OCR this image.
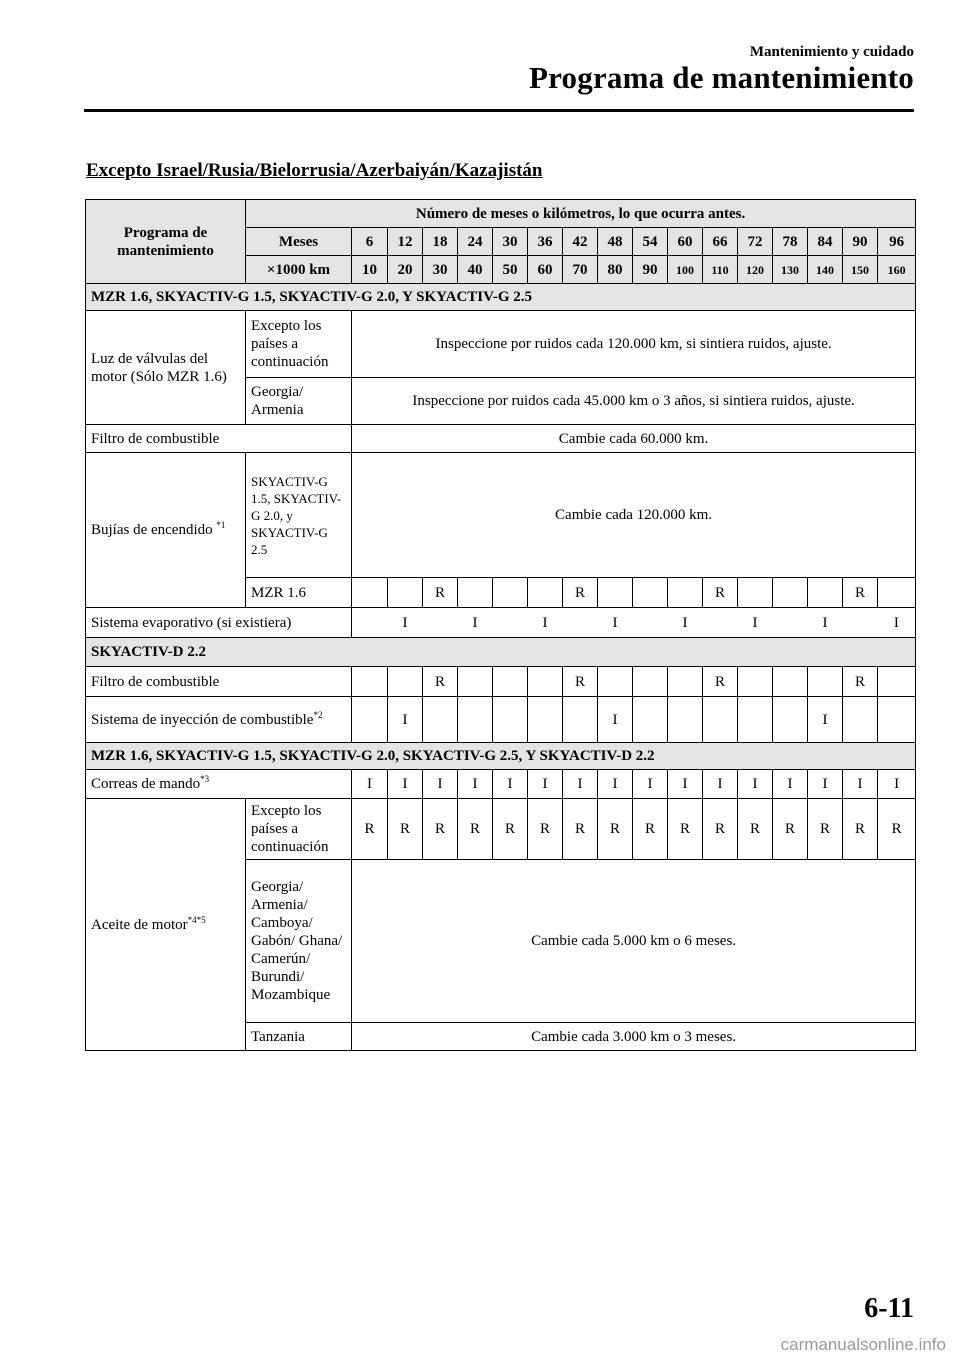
Mantenimiento y cuidado
Programa de mantenimiento
Excepto Israel/Rusia/Bielorrusia/Azerbaiyán/Kazajistán
Programa de mantenimiento	Número de meses o kilómetros, lo que ocurra antes.																
	Meses	6	12	18	24	30	36	42	48	54	60	66	72	78	84	90	96
	×1000 km	10	20	30	40	50	60	70	80	90	100	110	120	130	140	150	160
MZR 1.6, SKYACTIV-G 1.5, SKYACTIV-G 2.0, Y SKYACTIV-G 2.5																	
Luz de válvulas del motor (Sólo MZR 1.6)	Excepto los países a continuación	Inspeccione por ruidos cada 120.000 km, si sintiera ruidos, ajuste.															
	Georgia/ Armenia	Inspeccione por ruidos cada 45.000 km o 3 años, si sintiera ruidos, ajuste.															
Filtro de combustible		Cambie cada 60.000 km.															
Bujías de encendido $^{*1}$	SKYACTIV-G 1.5, SKYACTIV-G 2.0, y SKYACTIV-G 2.5	Cambie cada 120.000 km.															
	MZR 1.6			R				R				R				R	
Sistema evaporativo (si existiera)			I		I		I		I		I		I		I		I
SKYACTIV-D 2.2																	
Filtro de combustible				R				R				R				R	
Sistema de inyección de combustible$^{*2}$			I						I						I		
MZR 1.6, SKYACTIV-G 1.5, SKYACTIV-G 2.0, SKYACTIV-G 2.5, Y SKYACTIV-D 2.2																	
Correas de mando$^{*3}$		I	I	I	I	I	I	I	I	I	I	I	I	I	I	I	I
Aceite de motor$^{*4*5}$	Excepto los países a continuación	R	R	R	R	R	R	R	R	R	R	R	R	R	R	R	R
	Georgia/ Armenia/ Camboya/ Gabón/ Ghana/ Camerún/ Burundi/ Mozambique	Cambie cada 5.000 km o 6 meses.															
	Tanzania	Cambie cada 3.000 km o 3 meses.															
6-11
carmanualsonline.info
